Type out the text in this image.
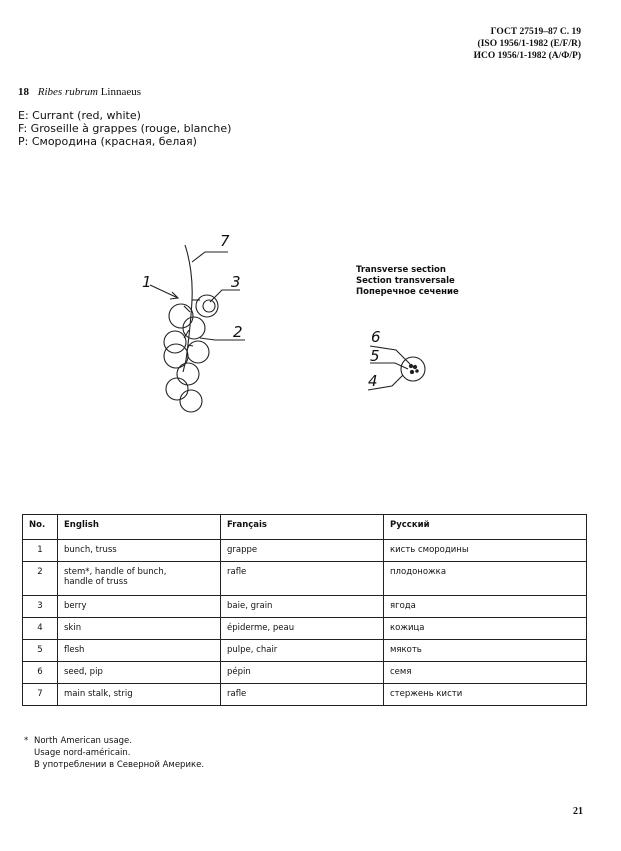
ГОСТ 27519–87 С. 19
(ISO 1956/1-1982 (E/F/R)
ИСО 1956/1-1982 (А/Ф/Р)
18 Ribes rubrum Linnaeus
E: Currant (red, white)
F: Groseille à grappes (rouge, blanche)
Р: Смородина (красная, белая)
1
2
3
4
5
6
7
Transverse section
Section transversale
Поперечное сечение
No.	English	Français	Русский
1	bunch, truss	grappe	кисть смородины
2	stem*, handle of bunch,
handle of truss	rafle	плодоножка
3	berry	baie, grain	ягода
4	skin	épiderme, peau	кожица
5	flesh	pulpe, chair	мякоть
6	seed, pip	pépin	семя
7	main stalk, strig	rafle	стержень кисти
* North American usage.
Usage nord-américain.
В употреблении в Северной Америке.
21
